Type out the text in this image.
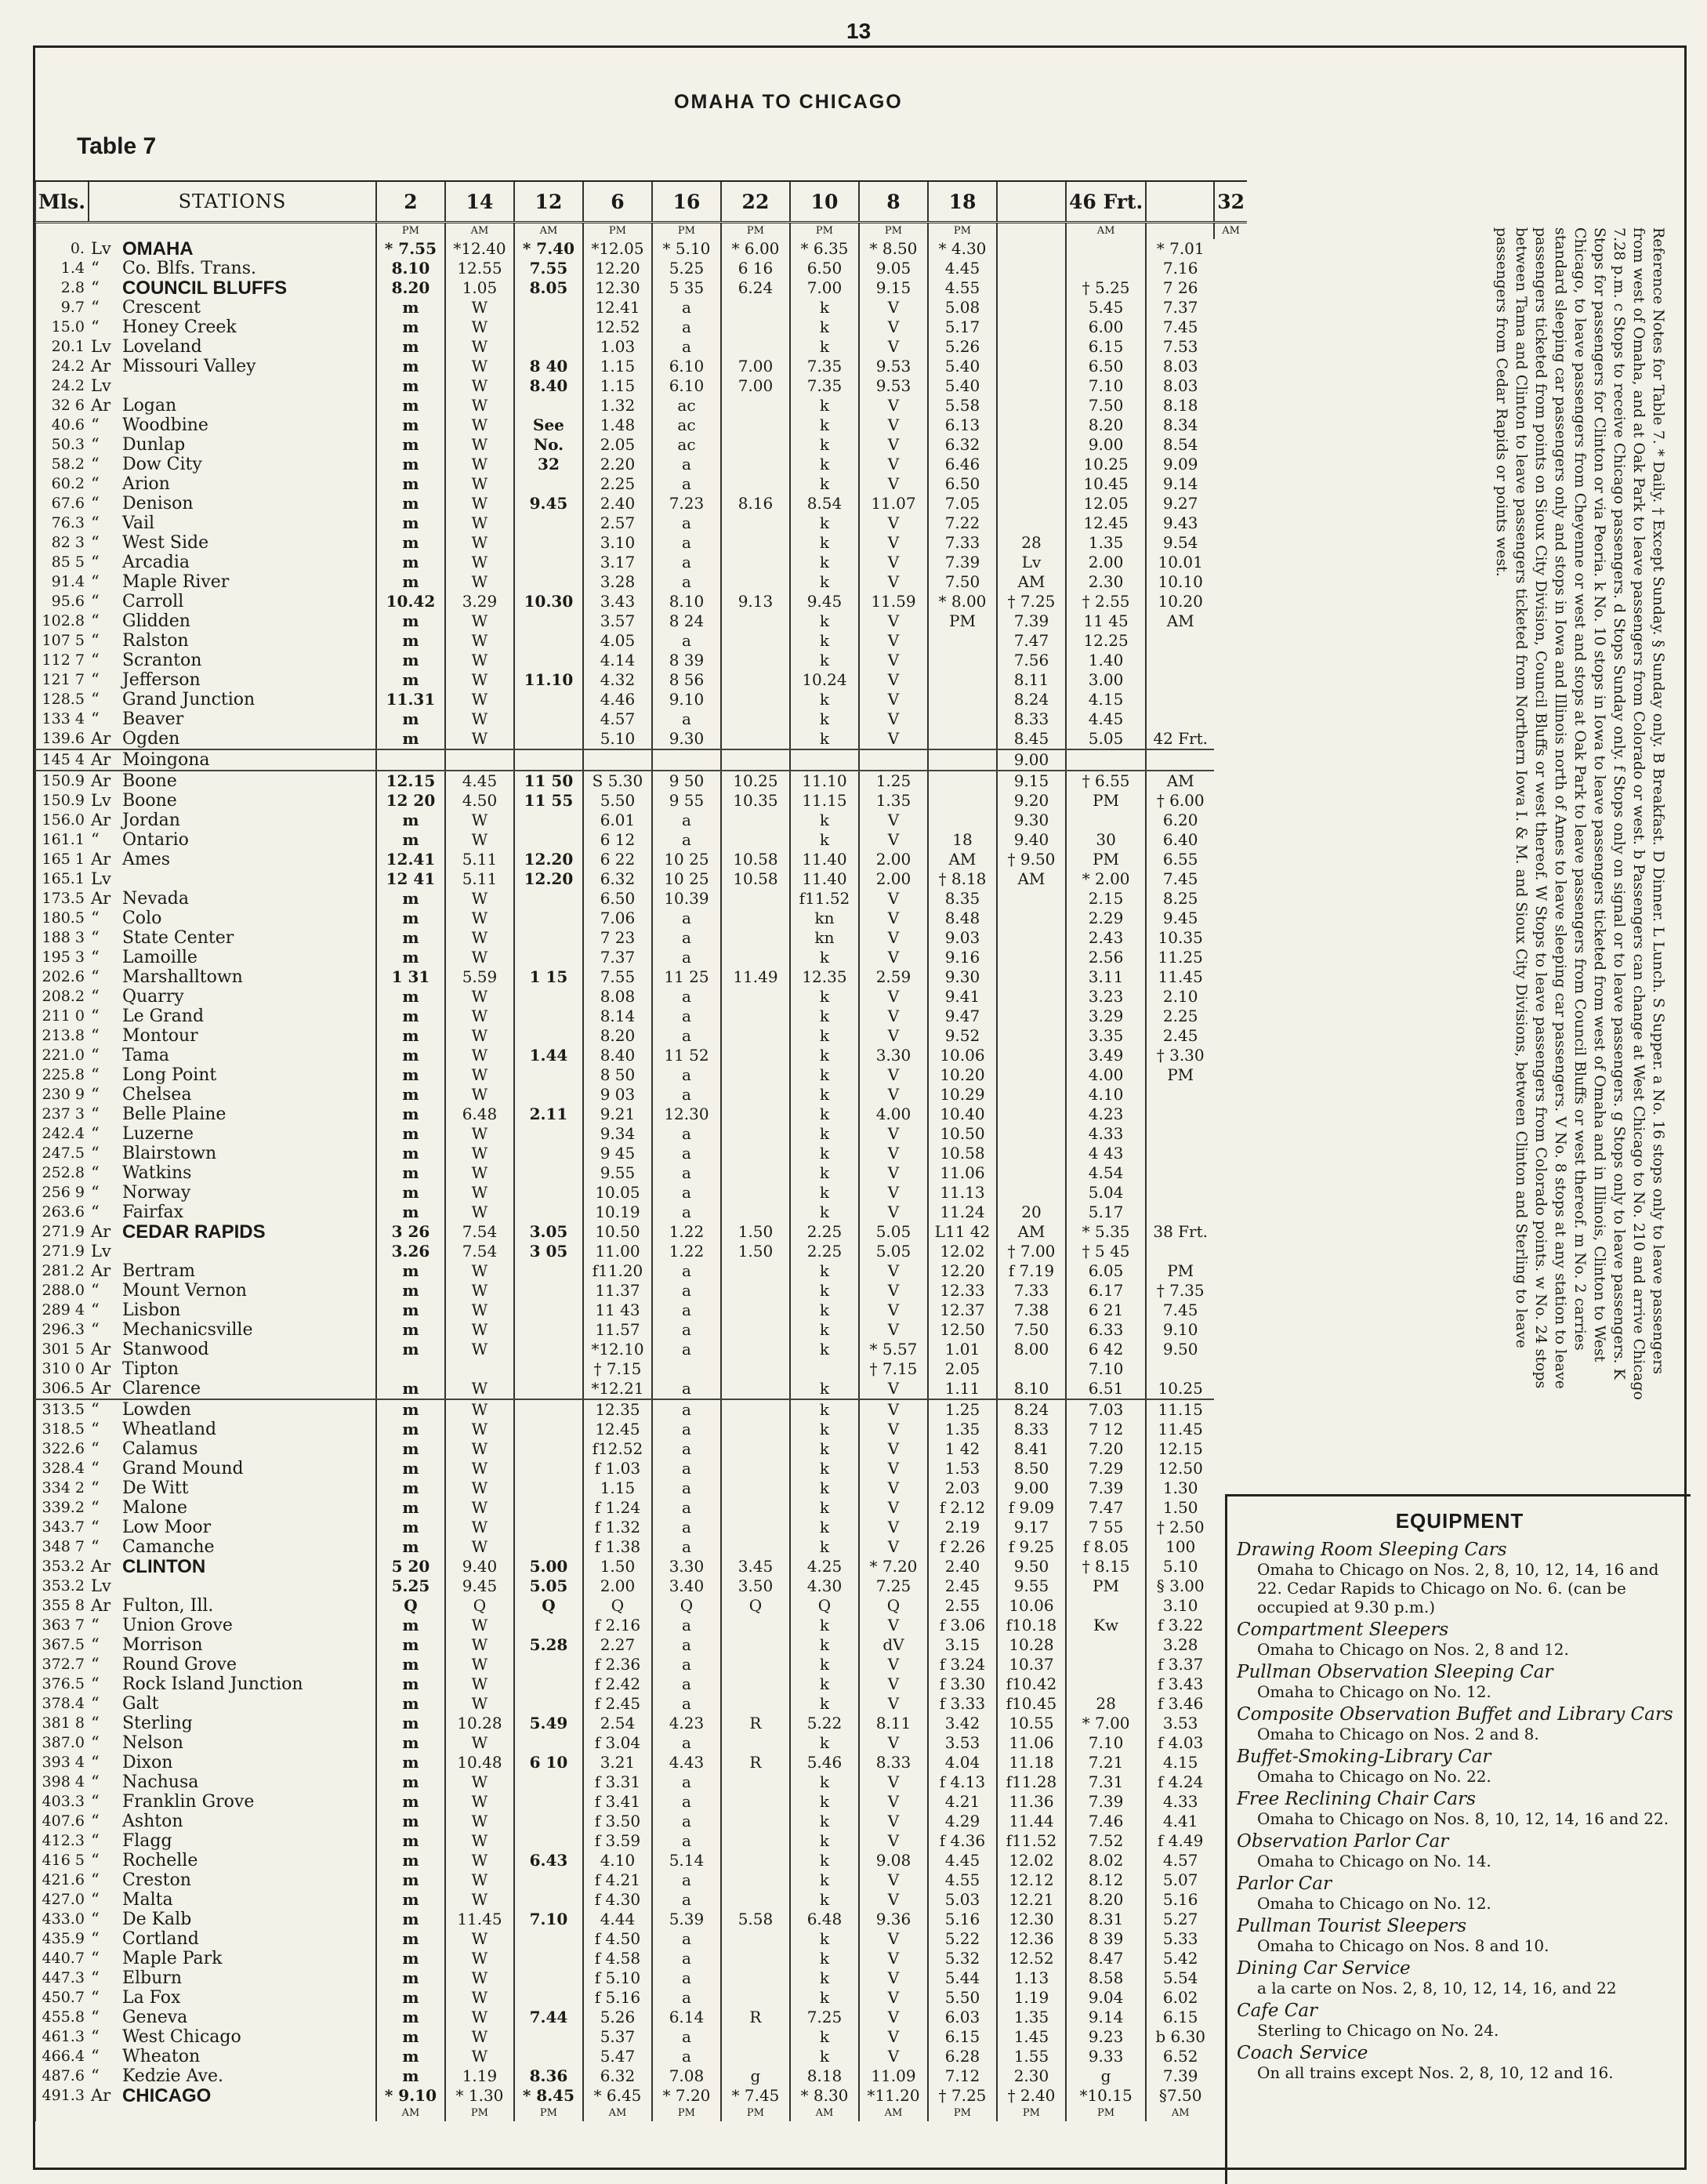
13
OMAHA TO CHICAGO
Table 7
Mls.	STATIONS		2	14	12	6	16	22	10	8	18		46 Frt.		32
			PM	AM	AM	PM	PM	PM	PM	PM	PM		AM		AM
0.	Lv	OMAHA	* 7.55	*12.40	* 7.40	*12.05	* 5.10	* 6.00	* 6.35	* 8.50	* 4.30			* 7.01	
1.4	“	Co. Blfs. Trans.	8.10	12.55	7.55	12.20	5.25	6 16	6.50	9.05	4.45			7.16	
2.8	“	COUNCIL BLUFFS	8.20	1.05	8.05	12.30	5 35	6.24	7.00	9.15	4.55		† 5.25	7 26	
9.7	“	Crescent	m	W		12.41	a		k	V	5.08		5.45	7.37	
15.0	“	Honey Creek	m	W		12.52	a		k	V	5.17		6.00	7.45	
20.1	Lv	Loveland	m	W		1.03	a		k	V	5.26		6.15	7.53	
24.2	Ar	Missouri Valley	m	W	8 40	1.15	6.10	7.00	7.35	9.53	5.40		6.50	8.03	
24.2	Lv		m	W	8.40	1.15	6.10	7.00	7.35	9.53	5.40		7.10	8.03	
32 6	Ar	Logan	m	W		1.32	ac		k	V	5.58		7.50	8.18	
40.6	“	Woodbine	m	W	See	1.48	ac		k	V	6.13		8.20	8.34	
50.3	“	Dunlap	m	W	No.	2.05	ac		k	V	6.32		9.00	8.54	
58.2	“	Dow City	m	W	32	2.20	a		k	V	6.46		10.25	9.09	
60.2	“	Arion	m	W		2.25	a		k	V	6.50		10.45	9.14	
67.6	“	Denison	m	W	9.45	2.40	7.23	8.16	8.54	11.07	7.05		12.05	9.27	
76.3	“	Vail	m	W		2.57	a		k	V	7.22		12.45	9.43	
82 3	“	West Side	m	W		3.10	a		k	V	7.33	28	1.35	9.54	
85 5	“	Arcadia	m	W		3.17	a		k	V	7.39	Lv	2.00	10.01	
91.4	“	Maple River	m	W		3.28	a		k	V	7.50	AM	2.30	10.10	
95.6	“	Carroll	10.42	3.29	10.30	3.43	8.10	9.13	9.45	11.59	* 8.00	† 7.25	† 2.55	10.20	
102.8	“	Glidden	m	W		3.57	8 24		k	V	PM	7.39	11 45	AM	
107 5	“	Ralston	m	W		4.05	a		k	V		7.47	12.25		
112 7	“	Scranton	m	W		4.14	8 39		k	V		7.56	1.40		
121 7	“	Jefferson	m	W	11.10	4.32	8 56		10.24	V		8.11	3.00		
128.5	“	Grand Junction	11.31	W		4.46	9.10		k	V		8.24	4.15		
133 4	“	Beaver	m	W		4.57	a		k	V		8.33	4.45		
139.6	Ar	Ogden	m	W		5.10	9.30		k	V		8.45	5.05	42 Frt.	
145 4	Ar	Moingona										9.00			
150.9	Ar	Boone	12.15	4.45	11 50	S 5.30	9 50	10.25	11.10	1.25		9.15	† 6.55	AM	
150.9	Lv	Boone	12 20	4.50	11 55	5.50	9 55	10.35	11.15	1.35		9.20	PM	† 6.00	
156.0	Ar	Jordan	m	W		6.01	a		k	V		9.30		6.20	
161.1	“	Ontario	m	W		6 12	a		k	V	18	9.40	30	6.40	
165 1	Ar	Ames	12.41	5.11	12.20	6 22	10 25	10.58	11.40	2.00	AM	† 9.50	PM	6.55	
165.1	Lv		12 41	5.11	12.20	6.32	10 25	10.58	11.40	2.00	† 8.18	AM	* 2.00	7.45	
173.5	Ar	Nevada	m	W		6.50	10.39		f11.52	V	8.35		2.15	8.25	
180.5	“	Colo	m	W		7.06	a		kn	V	8.48		2.29	9.45	
188 3	“	State Center	m	W		7 23	a		kn	V	9.03		2.43	10.35	
195 3	“	Lamoille	m	W		7.37	a		k	V	9.16		2.56	11.25	
202.6	“	Marshalltown	1 31	5.59	1 15	7.55	11 25	11.49	12.35	2.59	9.30		3.11	11.45	
208.2	“	Quarry	m	W		8.08	a		k	V	9.41		3.23	2.10	
211 0	“	Le Grand	m	W		8.14	a		k	V	9.47		3.29	2.25	
213.8	“	Montour	m	W		8.20	a		k	V	9.52		3.35	2.45	
221.0	“	Tama	m	W	1.44	8.40	11 52		k	3.30	10.06		3.49	† 3.30	
225.8	“	Long Point	m	W		8 50	a		k	V	10.20		4.00	PM	
230 9	“	Chelsea	m	W		9 03	a		k	V	10.29		4.10		
237 3	“	Belle Plaine	m	6.48	2.11	9.21	12.30		k	4.00	10.40		4.23		
242.4	“	Luzerne	m	W		9.34	a		k	V	10.50		4.33		
247.5	“	Blairstown	m	W		9 45	a		k	V	10.58		4 43		
252.8	“	Watkins	m	W		9.55	a		k	V	11.06		4.54		
256 9	“	Norway	m	W		10.05	a		k	V	11.13		5.04		
263.6	“	Fairfax	m	W		10.19	a		k	V	11.24	20	5.17		
271.9	Ar	CEDAR RAPIDS	3 26	7.54	3.05	10.50	1.22	1.50	2.25	5.05	L11 42	AM	* 5.35	38 Frt.	
271.9	Lv		3.26	7.54	3 05	11.00	1.22	1.50	2.25	5.05	12.02	† 7.00	† 5 45		
281.2	Ar	Bertram	m	W		f11.20	a		k	V	12.20	f 7.19	6.05	PM	
288.0	“	Mount Vernon	m	W		11.37	a		k	V	12.33	7.33	6.17	† 7.35	
289 4	“	Lisbon	m	W		11 43	a		k	V	12.37	7.38	6 21	7.45	
296.3	“	Mechanicsville	m	W		11.57	a		k	V	12.50	7.50	6.33	9.10	
301 5	Ar	Stanwood	m	W		*12.10	a		k	* 5.57	1.01	8.00	6 42	9.50	
310 0	Ar	Tipton				† 7.15				† 7.15	2.05		7.10		
306.5	Ar	Clarence	m	W		*12.21	a		k	V	1.11	8.10	6.51	10.25	
313.5	“	Lowden	m	W		12.35	a		k	V	1.25	8.24	7.03	11.15	
318.5	“	Wheatland	m	W		12.45	a		k	V	1.35	8.33	7 12	11.45	
322.6	“	Calamus	m	W		f12.52	a		k	V	1 42	8.41	7.20	12.15	
328.4	“	Grand Mound	m	W		f 1.03	a		k	V	1.53	8.50	7.29	12.50	
334 2	“	De Witt	m	W		1.15	a		k	V	2.03	9.00	7.39	1.30	
339.2	“	Malone	m	W		f 1.24	a		k	V	f 2.12	f 9.09	7.47	1.50	
343.7	“	Low Moor	m	W		f 1.32	a		k	V	2.19	9.17	7 55	† 2.50	
348 7	“	Camanche	m	W		f 1.38	a		k	V	f 2.26	f 9.25	f 8.05	100	
353.2	Ar	CLINTON	5 20	9.40	5.00	1.50	3.30	3.45	4.25	* 7.20	2.40	9.50	† 8.15	5.10	
353.2	Lv		5.25	9.45	5.05	2.00	3.40	3.50	4.30	7.25	2.45	9.55	PM	§ 3.00	
355 8	Ar	Fulton, Ill.	Q	Q	Q	Q	Q	Q	Q	Q	2.55	10.06		3.10	
363 7	“	Union Grove	m	W		f 2.16	a		k	V	f 3.06	f10.18	Kw	f 3.22	
367.5	“	Morrison	m	W	5.28	2.27	a		k	dV	3.15	10.28		3.28	
372.7	“	Round Grove	m	W		f 2.36	a		k	V	f 3.24	10.37		f 3.37	
376.5	“	Rock Island Junction	m	W		f 2.42	a		k	V	f 3.30	f10.42		f 3.43	
378.4	“	Galt	m	W		f 2.45	a		k	V	f 3.33	f10.45	28	f 3.46	
381 8	“	Sterling	m	10.28	5.49	2.54	4.23	R	5.22	8.11	3.42	10.55	* 7.00	3.53	
387.0	“	Nelson	m	W		f 3.04	a		k	V	3.53	11.06	7.10	f 4.03	
393 4	“	Dixon	m	10.48	6 10	3.21	4.43	R	5.46	8.33	4.04	11.18	7.21	4.15	
398 4	“	Nachusa	m	W		f 3.31	a		k	V	f 4.13	f11.28	7.31	f 4.24	
403.3	“	Franklin Grove	m	W		f 3.41	a		k	V	4.21	11.36	7.39	4.33	
407.6	“	Ashton	m	W		f 3.50	a		k	V	4.29	11.44	7.46	4.41	
412.3	“	Flagg	m	W		f 3.59	a		k	V	f 4.36	f11.52	7.52	f 4.49	
416 5	“	Rochelle	m	W	6.43	4.10	5.14		k	9.08	4.45	12.02	8.02	4.57	
421.6	“	Creston	m	W		f 4.21	a		k	V	4.55	12.12	8.12	5.07	
427.0	“	Malta	m	W		f 4.30	a		k	V	5.03	12.21	8.20	5.16	
433.0	“	De Kalb	m	11.45	7.10	4.44	5.39	5.58	6.48	9.36	5.16	12.30	8.31	5.27	
435.9	“	Cortland	m	W		f 4.50	a		k	V	5.22	12.36	8 39	5.33	
440.7	“	Maple Park	m	W		f 4.58	a		k	V	5.32	12.52	8.47	5.42	
447.3	“	Elburn	m	W		f 5.10	a		k	V	5.44	1.13	8.58	5.54	
450.7	“	La Fox	m	W		f 5.16	a		k	V	5.50	1.19	9.04	6.02	
455.8	“	Geneva	m	W	7.44	5.26	6.14	R	7.25	V	6.03	1.35	9.14	6.15	
461.3	“	West Chicago	m	W		5.37	a		k	V	6.15	1.45	9.23	b 6.30	
466.4	“	Wheaton	m	W		5.47	a		k	V	6.28	1.55	9.33	6.52	
487.6	“	Kedzie Ave.	m	1.19	8.36	6.32	7.08	g	8.18	11.09	7.12	2.30	g	7.39	
491.3	Ar	CHICAGO	* 9.10	* 1.30	* 8.45	* 6.45	* 7.20	* 7.45	* 8.30	*11.20	† 7.25	† 2.40	*10.15	§7.50	
			AM	PM	PM	AM	PM	PM	AM	AM	PM	PM	PM	AM	
Reference Notes for Table 7. * Daily. † Except Sunday. § Sunday only. B Breakfast. D Dinner. L Lunch. S Supper. a No. 16 stops only to leave passengers from west of Omaha, and at Oak Park to leave passengers from Colorado or west. b Passengers can change at West Chicago to No. 210 and arrive Chicago 7.28 p.m. c Stops to receive Chicago passengers. d Stops Sunday only. f Stops only on signal or to leave passengers. g Stops only to leave passengers. K Stops for passengers for Clinton or via Peoria. k No. 10 stops in Iowa to leave passengers ticketed from west of Omaha and in Illinois, Clinton to West Chicago, to leave passengers from Cheyenne or west and stops at Oak Park to leave passengers from Council Bluffs or west thereof. m No. 2 carries standard sleeping car passengers only and stops in Iowa and Illinois north of Ames to leave sleeping car passengers. V No. 8 stops at any station to leave passengers ticketed from points on Sioux City Division, Council Bluffs or west thereof. W Stops to leave passengers from Colorado points. w No. 24 stops between Tama and Clinton to leave passengers ticketed from Northern Iowa I. & M. and Sioux City Divisions, between Clinton and Sterling to leave passengers from Cedar Rapids or points west.
EQUIPMENT
Drawing Room Sleeping Cars
Omaha to Chicago on Nos. 2, 8, 10, 12, 14, 16 and 22. Cedar Rapids to Chicago on No. 6. (can be occupied at 9.30 p.m.)
Compartment Sleepers
Omaha to Chicago on Nos. 2, 8 and 12.
Pullman Observation Sleeping Car
Omaha to Chicago on No. 12.
Composite Observation Buffet and Library Cars
Omaha to Chicago on Nos. 2 and 8.
Buffet-Smoking-Library Car
Omaha to Chicago on No. 22.
Free Reclining Chair Cars
Omaha to Chicago on Nos. 8, 10, 12, 14, 16 and 22.
Observation Parlor Car
Omaha to Chicago on No. 14.
Parlor Car
Omaha to Chicago on No. 12.
Pullman Tourist Sleepers
Omaha to Chicago on Nos. 8 and 10.
Dining Car Service
a la carte on Nos. 2, 8, 10, 12, 14, 16, and 22
Cafe Car
Sterling to Chicago on No. 24.
Coach Service
On all trains except Nos. 2, 8, 10, 12 and 16.
